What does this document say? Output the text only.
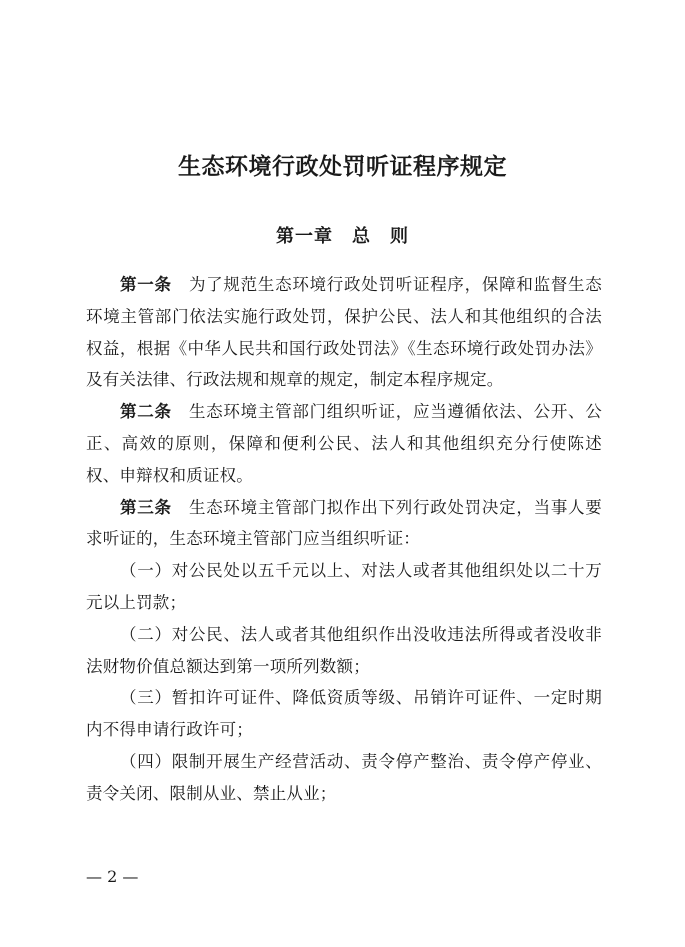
生态环境行政处罚听证程序规定
第一章　总　则

第一条  为了规范生态环境行政处罚听证程序，保障和监督生态环境主管部门依法实施行政处罚，保护公民、法人和其他组织的合法权益，根据《中华人民共和国行政处罚法》《生态环境行政处罚办法》及有关法律、行政法规和规章的规定，制定本程序规定。

第二条  生态环境主管部门组织听证，应当遵循依法、公开、公正、高效的原则，保障和便利公民、法人和其他组织充分行使陈述权、申辩权和质证权。

第三条  生态环境主管部门拟作出下列行政处罚决定，当事人要求听证的，生态环境主管部门应当组织听证：

（一）对公民处以五千元以上、对法人或者其他组织处以二十万元以上罚款；

（二）对公民、法人或者其他组织作出没收违法所得或者没收非法财物价值总额达到第一项所列数额；

（三）暂扣许可证件、降低资质等级、吊销许可证件、一定时期内不得申请行政许可；

（四）限制开展生产经营活动、责令停产整治、责令停产停业、责令关闭、限制从业、禁止从业；

— 2 —
